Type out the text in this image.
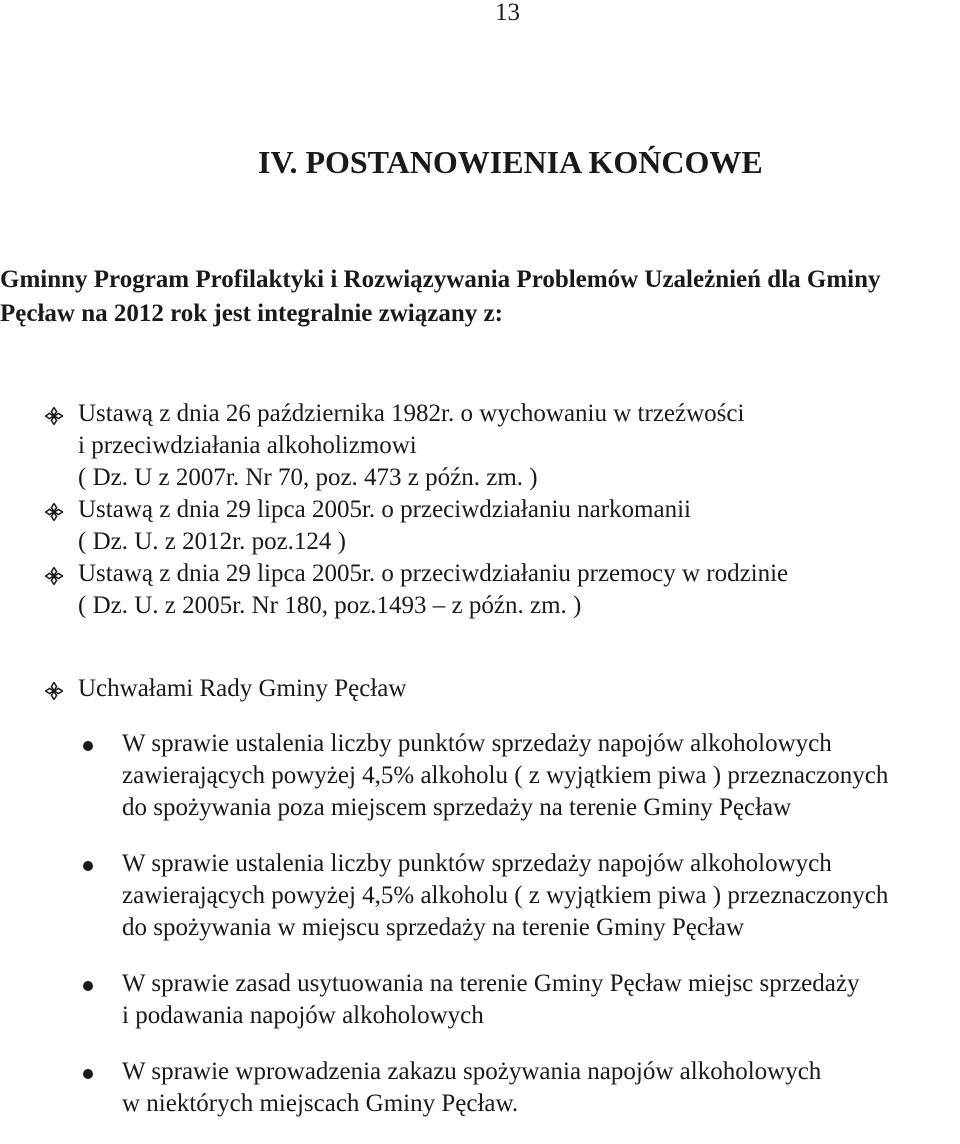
13
IV. POSTANOWIENIA KOŃCOWE

Gminny Program Profilaktyki i Rozwiązywania Problemów Uzależnień dla Gminy
Pęcław na 2012 rok jest integralnie związany z:

Ustawą z dnia 26 października 1982r. o wychowaniu w trzeźwości
i przeciwdziałania alkoholizmowi
( Dz. U z 2007r. Nr 70, poz. 473 z późn. zm. )
Ustawą z dnia 29 lipca 2005r. o przeciwdziałaniu narkomanii
( Dz. U. z 2012r. poz.124 )
Ustawą z dnia 29 lipca 2005r. o przeciwdziałaniu przemocy w rodzinie
( Dz. U. z 2005r. Nr 180, poz.1493 – z późn. zm. )
Uchwałami Rady Gminy Pęcław
W sprawie ustalenia liczby punktów sprzedaży napojów alkoholowych
zawierających powyżej 4,5% alkoholu ( z wyjątkiem piwa ) przeznaczonych
do spożywania poza miejscem sprzedaży na terenie Gminy Pęcław
W sprawie ustalenia liczby punktów sprzedaży napojów alkoholowych
zawierających powyżej 4,5% alkoholu ( z wyjątkiem piwa ) przeznaczonych
do spożywania w miejscu sprzedaży na terenie Gminy Pęcław
W sprawie zasad usytuowania na terenie Gminy Pęcław miejsc sprzedaży
i podawania napojów alkoholowych
W sprawie wprowadzenia zakazu spożywania napojów alkoholowych
w niektórych miejscach Gminy Pęcław.
